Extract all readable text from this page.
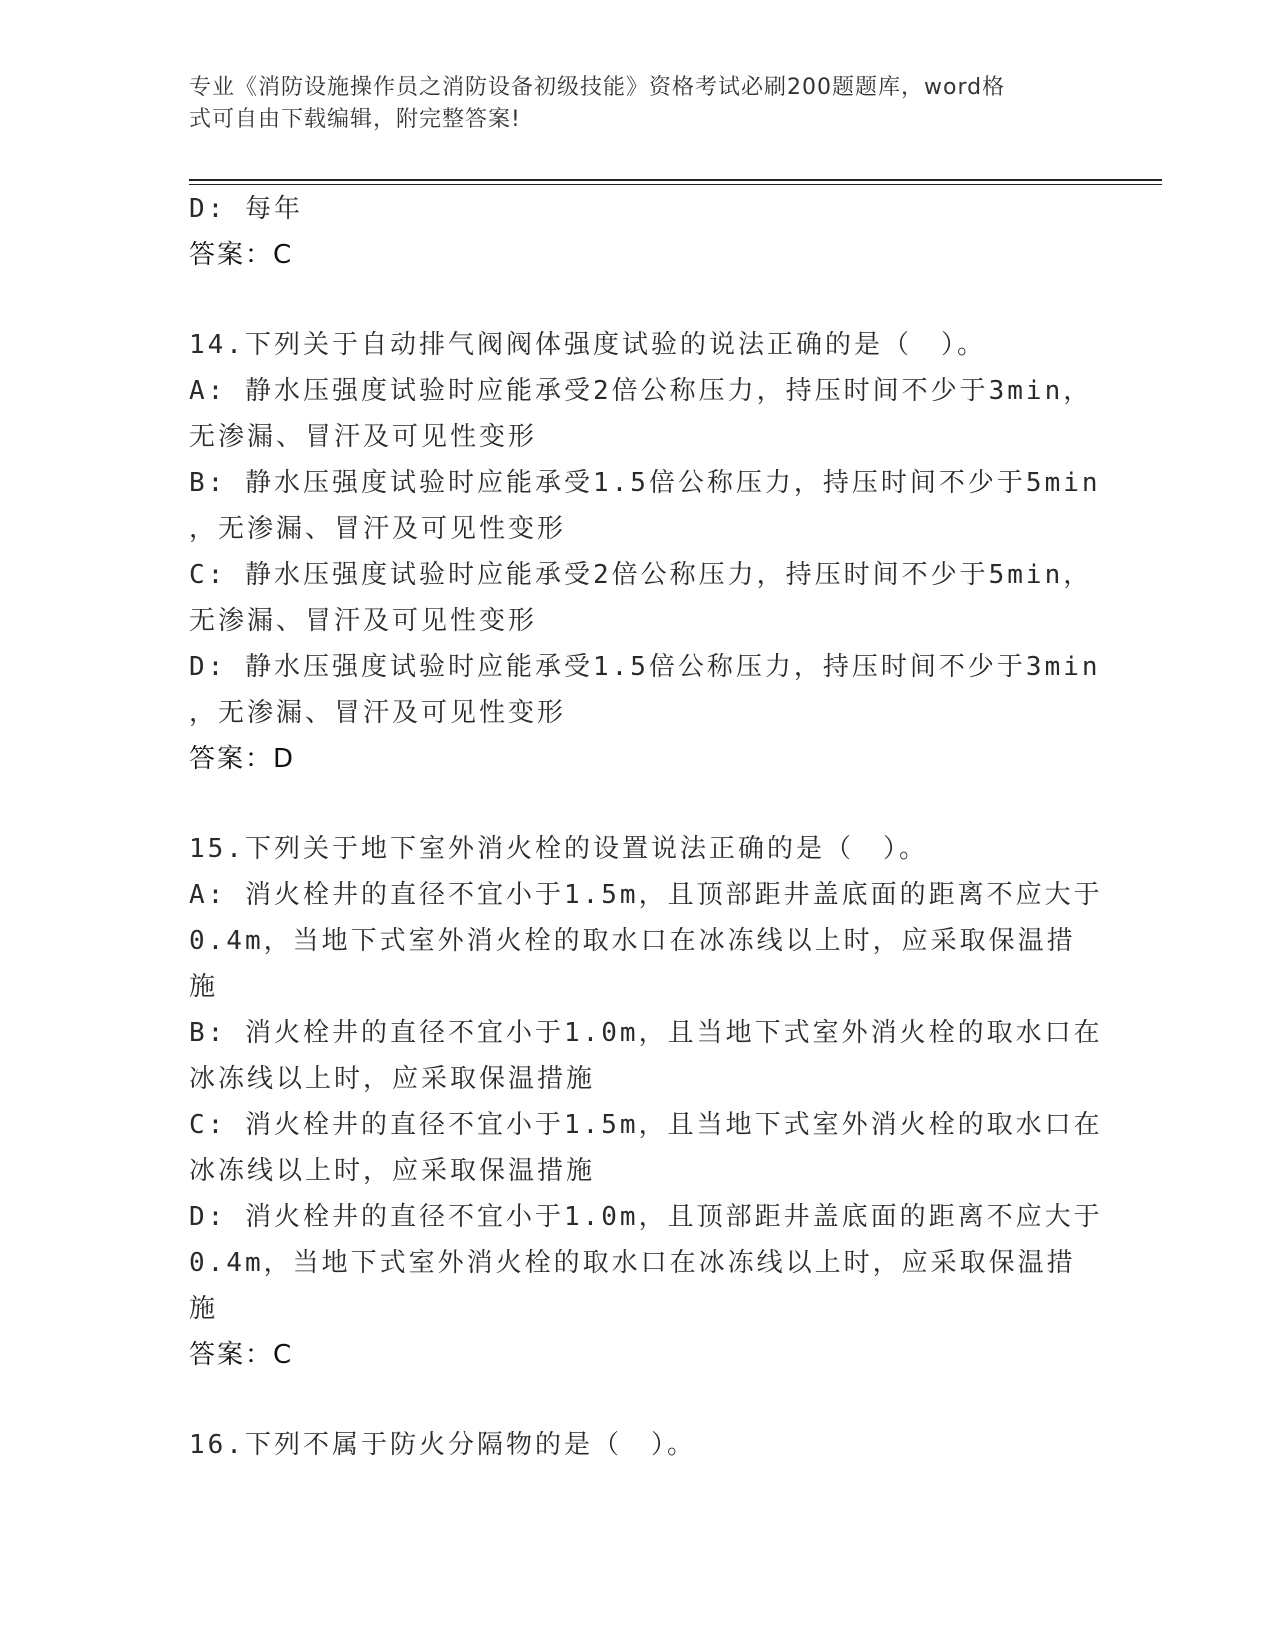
专业《消防设施操作员之消防设备初级技能》资格考试必刷200题题库，word格
式可自由下载编辑，附完整答案!
D: 每年
答案：C
14.下列关于自动排气阀阀体强度试验的说法正确的是（　）。
A: 静水压强度试验时应能承受2倍公称压力，持压时间不少于3min，
无渗漏、冒汗及可见性变形
B: 静水压强度试验时应能承受1.5倍公称压力，持压时间不少于5min
，无渗漏、冒汗及可见性变形
C: 静水压强度试验时应能承受2倍公称压力，持压时间不少于5min，
无渗漏、冒汗及可见性变形
D: 静水压强度试验时应能承受1.5倍公称压力，持压时间不少于3min
，无渗漏、冒汗及可见性变形
答案：D
15.下列关于地下室外消火栓的设置说法正确的是（　）。
A: 消火栓井的直径不宜小于1.5m，且顶部距井盖底面的距离不应大于
0.4m，当地下式室外消火栓的取水口在冰冻线以上时，应采取保温措
施
B: 消火栓井的直径不宜小于1.0m，且当地下式室外消火栓的取水口在
冰冻线以上时，应采取保温措施
C: 消火栓井的直径不宜小于1.5m，且当地下式室外消火栓的取水口在
冰冻线以上时，应采取保温措施
D: 消火栓井的直径不宜小于1.0m，且顶部距井盖底面的距离不应大于
0.4m，当地下式室外消火栓的取水口在冰冻线以上时，应采取保温措
施
答案：C
16.下列不属于防火分隔物的是（　）。
